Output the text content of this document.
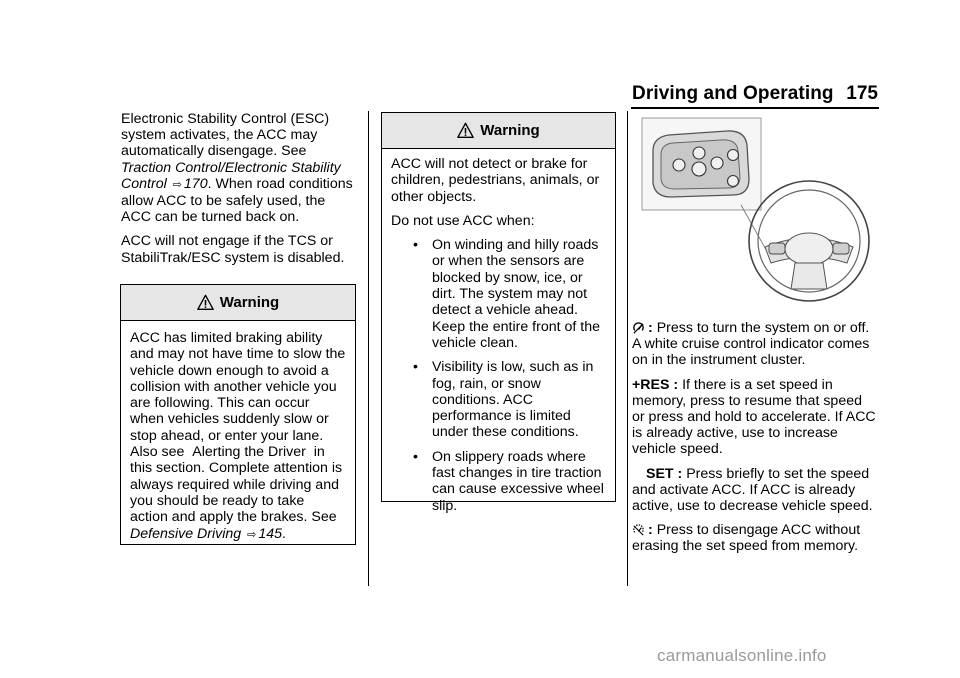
Driving and Operating 175

Electronic Stability Control (ESC) system activates, the ACC may automatically disengage. See Traction Control/Electronic Stability Control ⇨ 170. When road conditions allow ACC to be safely used, the ACC can be turned back on.

ACC will not engage if the TCS or StabiliTrak/ESC system is disabled.

Warning

ACC has limited braking ability and may not have time to slow the vehicle down enough to avoid a collision with another vehicle you are following. This can occur when vehicles suddenly slow or stop ahead, or enter your lane. Also see  Alerting the Driver  in this section. Complete attention is always required while driving and you should be ready to take action and apply the brakes. See Defensive Driving ⇨ 145.

Warning

ACC will not detect or brake for children, pedestrians, animals, or other objects.

Do not use ACC when:

• On winding and hilly roads or when the sensors are blocked by snow, ice, or dirt. The system may not detect a vehicle ahead. Keep the entire front of the vehicle clean.
• Visibility is low, such as in fog, rain, or snow conditions. ACC performance is limited under these conditions.
• On slippery roads where fast changes in tire traction can cause excessive wheel slip.

: Press to turn the system on or off. A white cruise control indicator comes on in the instrument cluster.

+RES : If there is a set speed in memory, press to resume that speed or press and hold to accelerate. If ACC is already active, use to increase vehicle speed.

SET : Press briefly to set the speed and activate ACC. If ACC is already active, use to decrease vehicle speed.

: Press to disengage ACC without erasing the set speed from memory.

carmanualsonline.info
